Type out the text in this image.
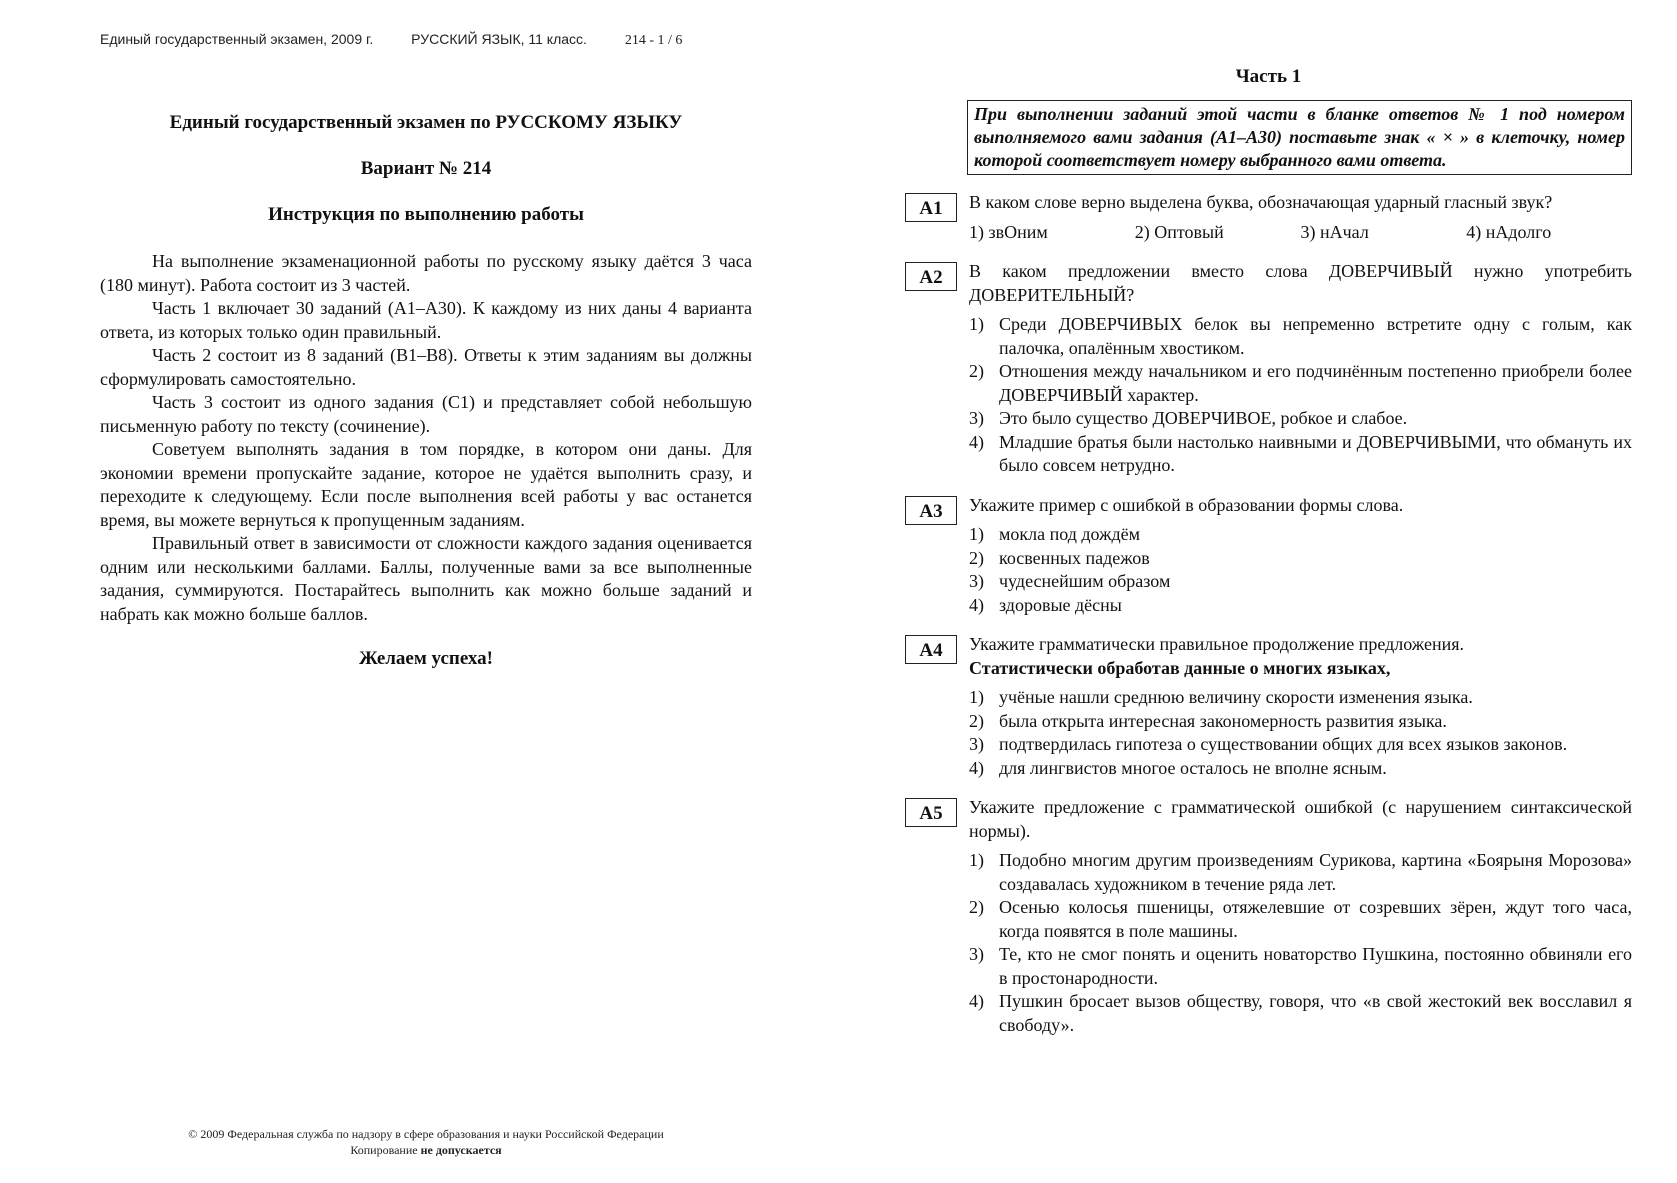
Единый государственный экзамен, 2009 г.	РУССКИЙ ЯЗЫК, 11 класс.	214 - 1 / 6
Единый государственный экзамен по РУССКОМУ ЯЗЫКУ
Вариант № 214
Инструкция по выполнению работы

На выполнение экзаменационной работы по русскому языку даётся 3 часа (180 минут). Работа состоит из 3 частей.

Часть 1 включает 30 заданий (А1–А30). К каждому из них даны 4 варианта ответа, из которых только один правильный.

Часть 2 состоит из 8 заданий (В1–В8). Ответы к этим заданиям вы должны сформулировать самостоятельно.

Часть 3 состоит из одного задания (С1) и представляет собой небольшую письменную работу по тексту (сочинение).

Советуем выполнять задания в том порядке, в котором они даны. Для экономии времени пропускайте задание, которое не удаётся выполнить сразу, и переходите к следующему. Если после выполнения всей работы у вас останется время, вы можете вернуться к пропущенным заданиям.

Правильный ответ в зависимости от сложности каждого задания оценивается одним или несколькими баллами. Баллы, полученные вами за все выполненные задания, суммируются. Постарайтесь выполнить как можно больше заданий и набрать как можно больше баллов.

Желаем успеха!
© 2009 Федеральная служба по надзору в сфере образования и науки Российской Федерации
Копирование не допускается
Часть 1
При выполнении заданий этой части в бланке ответов № 1 под номером выполняемого вами задания (А1–А30) поставьте знак « × » в клеточку, номер которой соответствует номеру выбранного вами ответа.
А1	В каком слове верно выделена буква, обозначающая ударный гласный звук?

1) звОним	2) Оптовый	3) нАчал	4) нАдолго
А2	В каком предложении вместо слова ДОВЕРЧИВЫЙ нужно употребить ДОВЕРИТЕЛЬНЫЙ?

1) Среди ДОВЕРЧИВЫХ белок вы непременно встретите одну с голым, как палочка, опалённым хвостиком.
2) Отношения между начальником и его подчинённым постепенно приобрели более ДОВЕРЧИВЫЙ характер.
3) Это было существо ДОВЕРЧИВОЕ, робкое и слабое.
4) Младшие братья были настолько наивными и ДОВЕРЧИВЫМИ, что обмануть их было совсем нетрудно.
А3	Укажите пример с ошибкой в образовании формы слова.

1) мокла под дождём
2) косвенных падежов
3) чудеснейшим образом
4) здоровые дёсны
А4	Укажите грамматически правильное продолжение предложения.

Статистически обработав данные о многих языках,

1) учёные нашли среднюю величину скорости изменения языка.
2) была открыта интересная закономерность развития языка.
3) подтвердилась гипотеза о существовании общих для всех языков законов.
4) для лингвистов многое осталось не вполне ясным.
А5	Укажите предложение с грамматической ошибкой (с нарушением синтаксической нормы).

1) Подобно многим другим произведениям Сурикова, картина «Боярыня Морозова» создавалась художником в течение ряда лет.
2) Осенью колосья пшеницы, отяжелевшие от созревших зёрен, ждут того часа, когда появятся в поле машины.
3) Те, кто не смог понять и оценить новаторство Пушкина, постоянно обвиняли его в простонародности.
4) Пушкин бросает вызов обществу, говоря, что «в свой жестокий век восславил я свободу».
